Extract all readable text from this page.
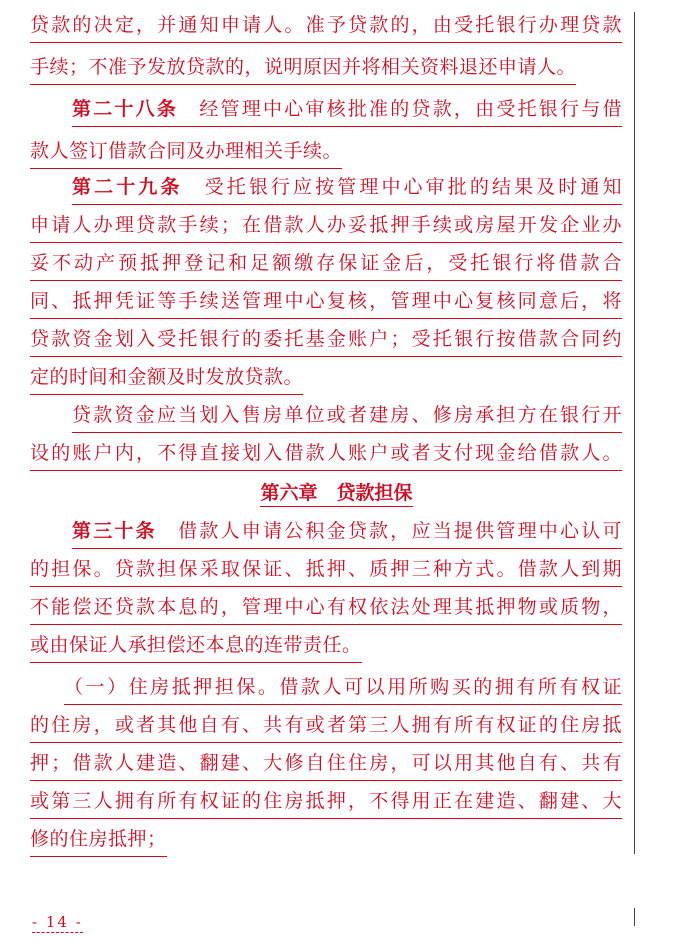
贷款的决定，并通知申请人。准予贷款的，由受托银行办理贷款
手续；不准予发放贷款的，说明原因并将相关资料退还申请人。
第二十八条　 经管理中心审核批准的贷款，由受托银行与借
款人签订借款合同及办理相关手续。
第二十九条　 受托银行应按管理中心审批的结果及时通知
申请人办理贷款手续；在借款人办妥抵押手续或房屋开发企业办
妥不动产预抵押登记和足额缴存保证金后，受托银行将借款合
同、抵押凭证等手续送管理中心复核，管理中心复核同意后，将
贷款资金划入受托银行的委托基金账户；受托银行按借款合同约
定的时间和金额及时发放贷款。
贷款资金应当划入售房单位或者建房、修房承担方在银行开
设的账户内，不得直接划入借款人账户或者支付现金给借款人。
第六章　贷款担保
第三十条　 借款人申请公积金贷款，应当提供管理中心认可
的担保。贷款担保采取保证、抵押、质押三种方式。借款人到期
不能偿还贷款本息的，管理中心有权依法处理其抵押物或质物，
或由保证人承担偿还本息的连带责任。
（一）住房抵押担保。借款人可以用所购买的拥有所有权证
的住房，或者其他自有、共有或者第三人拥有所有权证的住房抵
押；借款人建造、翻建、大修自住住房，可以用其他自有、共有
或第三人拥有所有权证的住房抵押，不得用正在建造、翻建、大
修的住房抵押；
- 14 -
